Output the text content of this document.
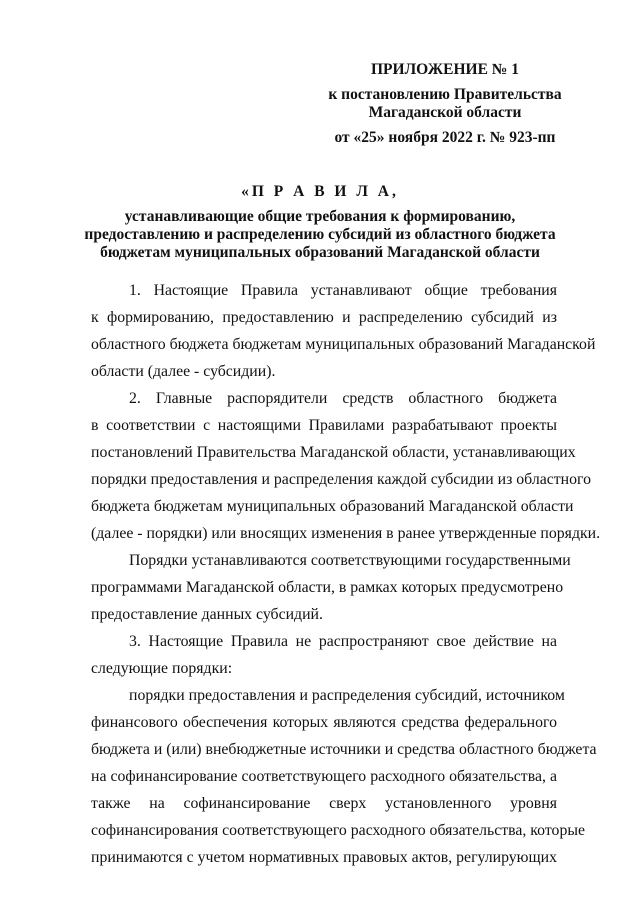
ПРИЛОЖЕНИЕ № 1
к постановлению Правительства
Магаданской области
от «25» ноября 2022 г. № 923-пп
«П Р А В И Л А,
устанавливающие общие требования к формированию,
предоставлению и распределению субсидий из областного бюджета
бюджетам муниципальных образований Магаданской области
1. Настоящие Правила устанавливают общие требования
к формированию, предоставлению и распределению субсидий из
областного бюджета бюджетам муниципальных образований Магаданской
области (далее - субсидии).
2. Главные распорядители средств областного бюджета
в соответствии с настоящими Правилами разрабатывают проекты
постановлений Правительства Магаданской области, устанавливающих
порядки предоставления и распределения каждой субсидии из областного
бюджета бюджетам муниципальных образований Магаданской области
(далее - порядки) или вносящих изменения в ранее утвержденные порядки.
Порядки устанавливаются соответствующими государственными
программами Магаданской области, в рамках которых предусмотрено
предоставление данных субсидий.
3. Настоящие Правила не распространяют свое действие на
следующие порядки:
порядки предоставления и распределения субсидий, источником
финансового обеспечения которых являются средства федерального
бюджета и (или) внебюджетные источники и средства областного бюджета
на софинансирование соответствующего расходного обязательства, а
также на софинансирование сверх установленного уровня
софинансирования соответствующего расходного обязательства, которые
принимаются с учетом нормативных правовых актов, регулирующих
